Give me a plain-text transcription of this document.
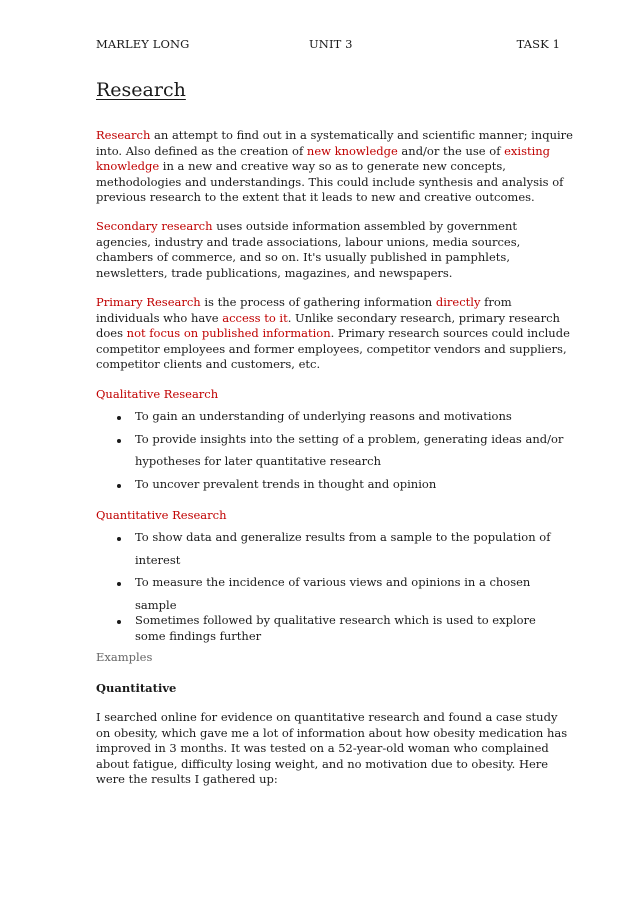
MARLEY LONG	UNIT 3	TASK 1
Research
Research an attempt to find out in a systematically and scientific manner; inquire
into. Also defined as the creation of new knowledge and/or the use of existing
knowledge in a new and creative way so as to generate new concepts,
methodologies and understandings. This could include synthesis and analysis of
previous research to the extent that it leads to new and creative outcomes.
Secondary research uses outside information assembled by government
agencies, industry and trade associations, labour unions, media sources,
chambers of commerce, and so on. It's usually published in pamphlets,
newsletters, trade publications, magazines, and newspapers.
Primary Research is the process of gathering information directly from
individuals who have access to it. Unlike secondary research, primary research
does not focus on published information. Primary research sources could include
competitor employees and former employees, competitor vendors and suppliers,
competitor clients and customers, etc.
Qualitative Research
To gain an understanding of underlying reasons and motivations
To provide insights into the setting of a problem, generating ideas and/or
hypotheses for later quantitative research
To uncover prevalent trends in thought and opinion
Quantitative Research
To show data and generalize results from a sample to the population of
interest
To measure the incidence of various views and opinions in a chosen
sample
Sometimes followed by qualitative research which is used to explore
some findings further
Examples
Quantitative
I searched online for evidence on quantitative research and found a case study
on obesity, which gave me a lot of information about how obesity medication has
improved in 3 months. It was tested on a 52-year-old woman who complained
about fatigue, difficulty losing weight, and no motivation due to obesity. Here
were the results I gathered up:
